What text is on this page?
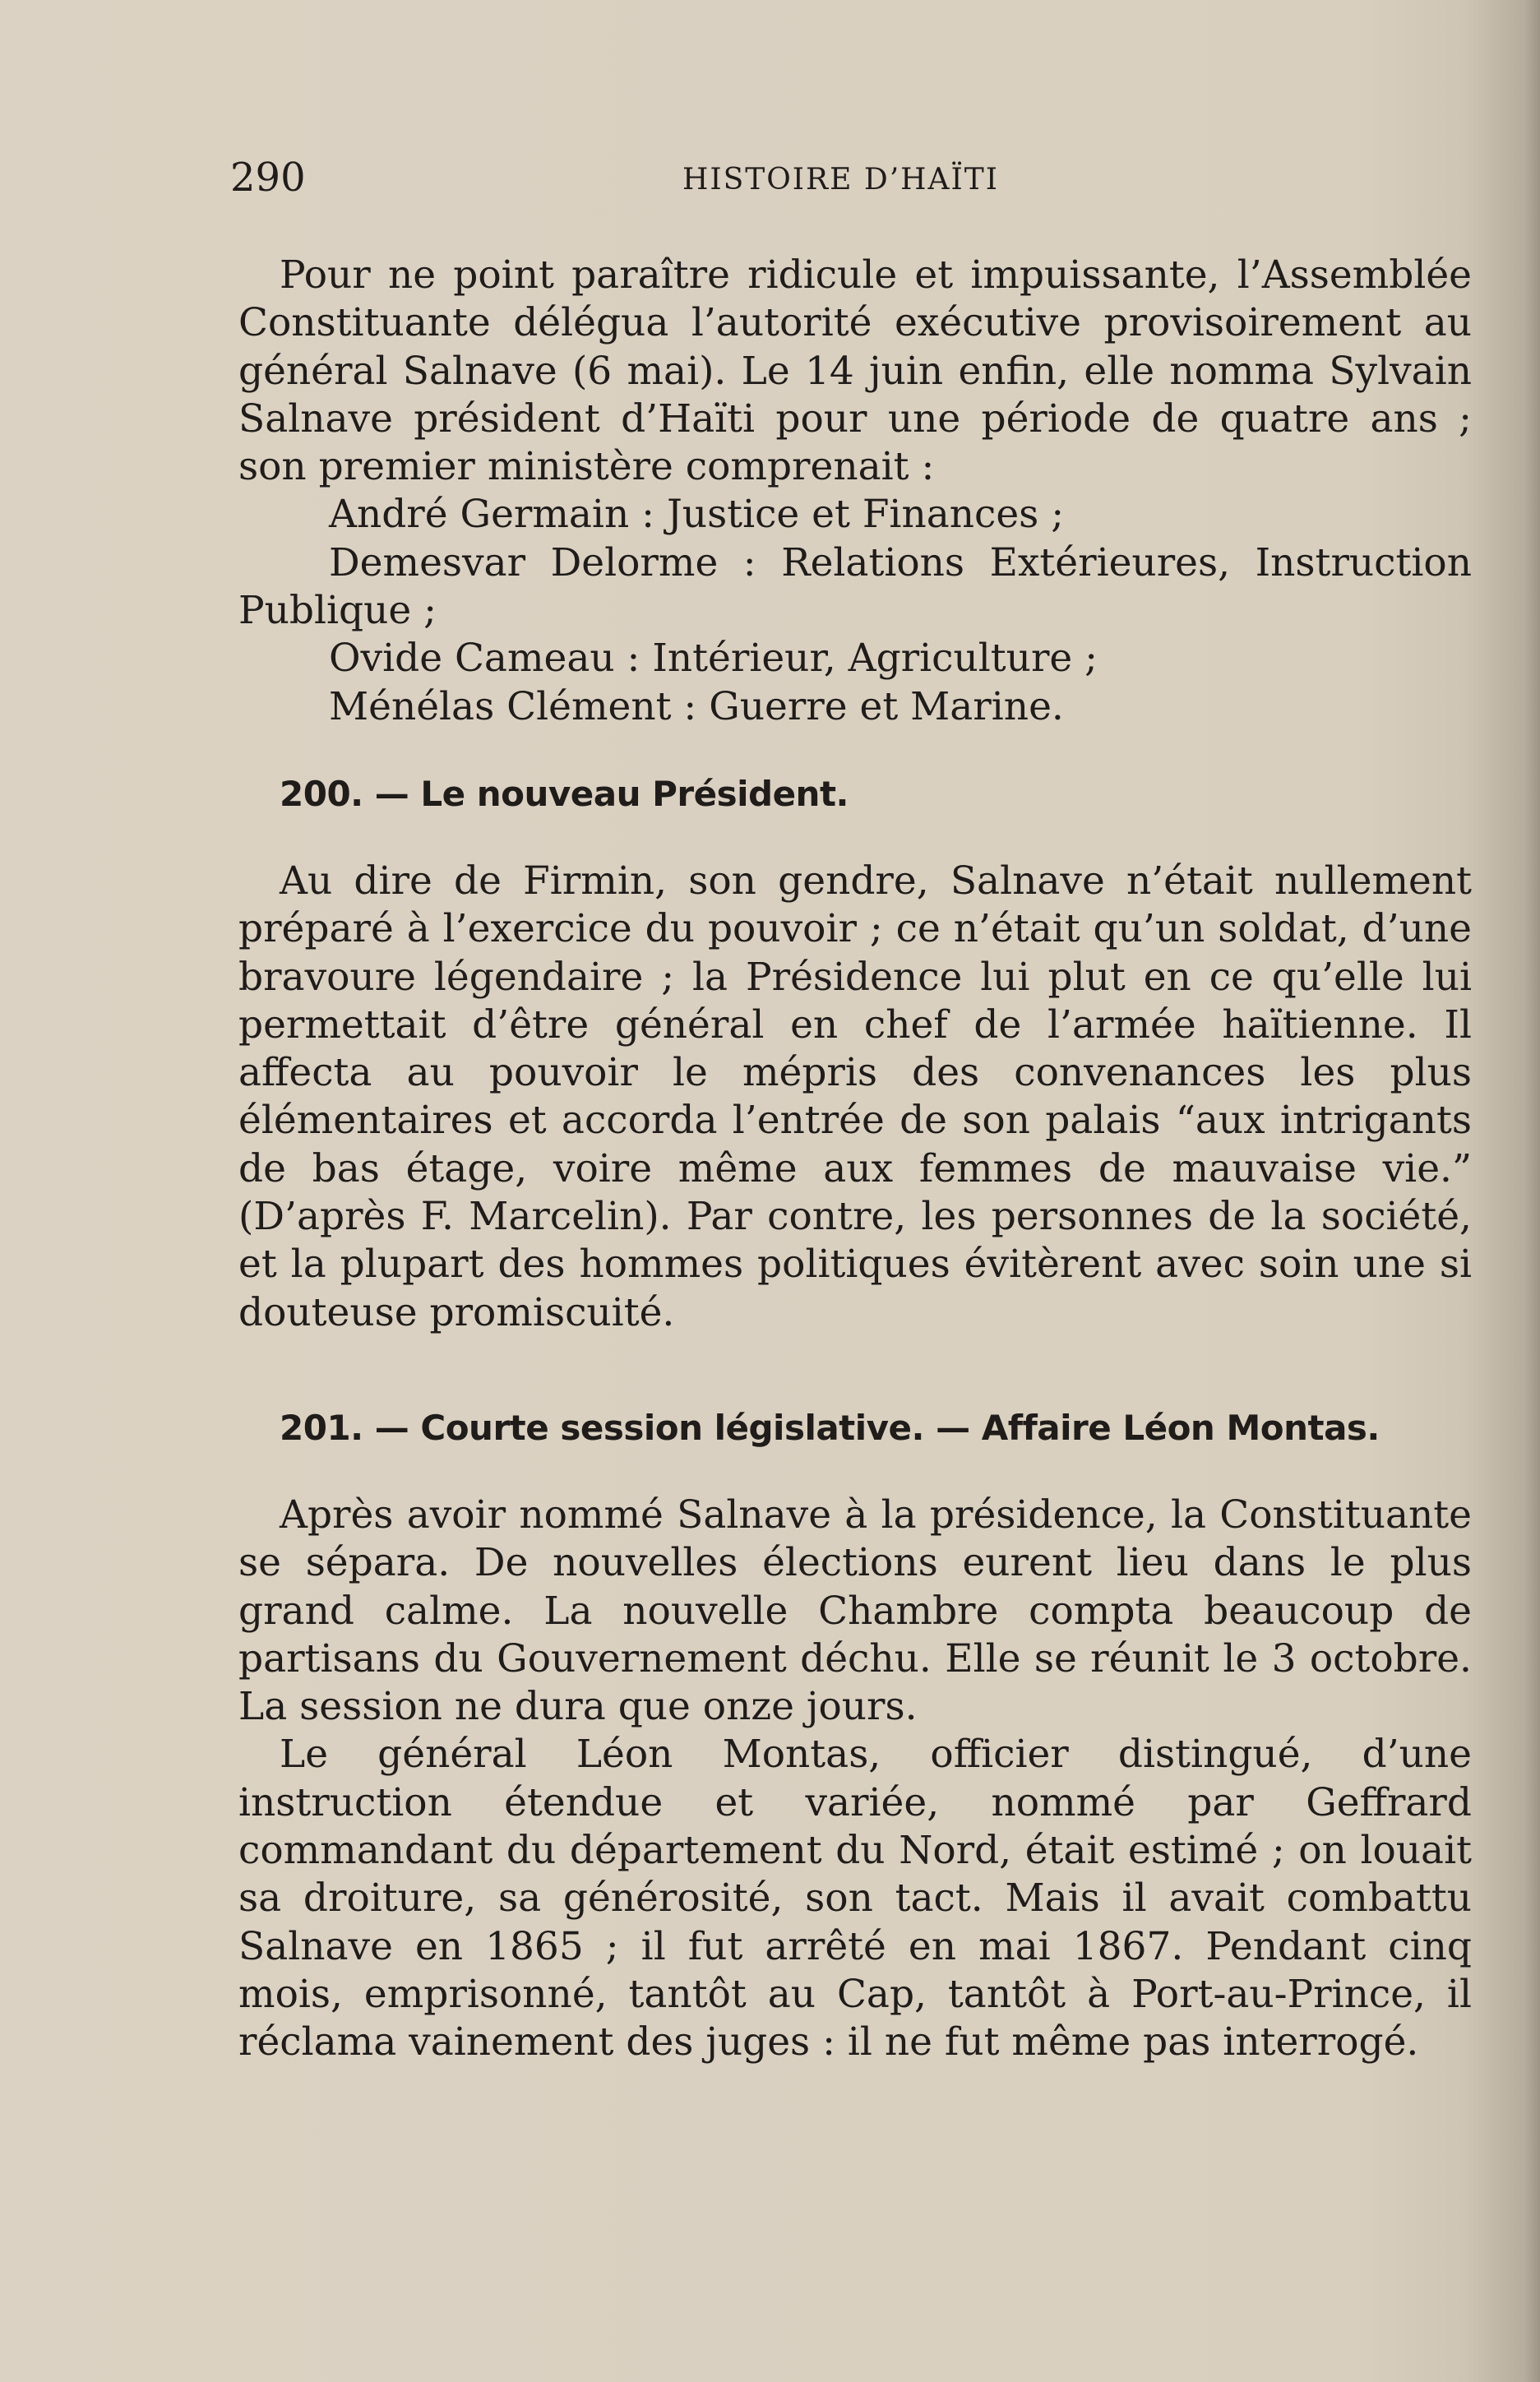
290	HISTOIRE D’HAÏTI

Pour ne point paraître ridicule et impuissante, l’Assemblée Constituante délégua l’autorité exécutive provisoirement au général Salnave (6 mai). Le 14 juin enfin, elle nomma Sylvain Salnave président d’Haïti pour une période de quatre ans ; son premier ministère comprenait :

André Germain : Justice et Finances ;

Demesvar Delorme : Relations Extérieures, Instruction Publique ;

Ovide Cameau : Intérieur, Agriculture ;

Ménélas Clément : Guerre et Marine.

200. — Le nouveau Président.

Au dire de Firmin, son gendre, Salnave n’était nullement préparé à l’exercice du pouvoir ; ce n’était qu’un soldat, d’une bravoure légendaire ; la Présidence lui plut en ce qu’elle lui permettait d’être général en chef de l’armée haïtienne. Il affecta au pouvoir le mépris des convenances les plus élémentaires et accorda l’entrée de son palais “aux intrigants de bas étage, voire même aux femmes de mauvaise vie.” (D’après F. Marcelin). Par contre, les personnes de la société, et la plupart des hommes politiques évitèrent avec soin une si douteuse promiscuité.

201. — Courte session législative. — Affaire Léon Montas.

Après avoir nommé Salnave à la présidence, la Constituante se sépara. De nouvelles élections eurent lieu dans le plus grand calme. La nouvelle Chambre compta beaucoup de partisans du Gouvernement déchu. Elle se réunit le 3 octobre. La session ne dura que onze jours.

Le général Léon Montas, officier distingué, d’une instruction étendue et variée, nommé par Geffrard commandant du département du Nord, était estimé ; on louait sa droiture, sa générosité, son tact. Mais il avait combattu Salnave en 1865 ; il fut arrêté en mai 1867. Pendant cinq mois, emprisonné, tantôt au Cap, tantôt à Port-au-Prince, il réclama vainement des juges : il ne fut même pas interrogé.
